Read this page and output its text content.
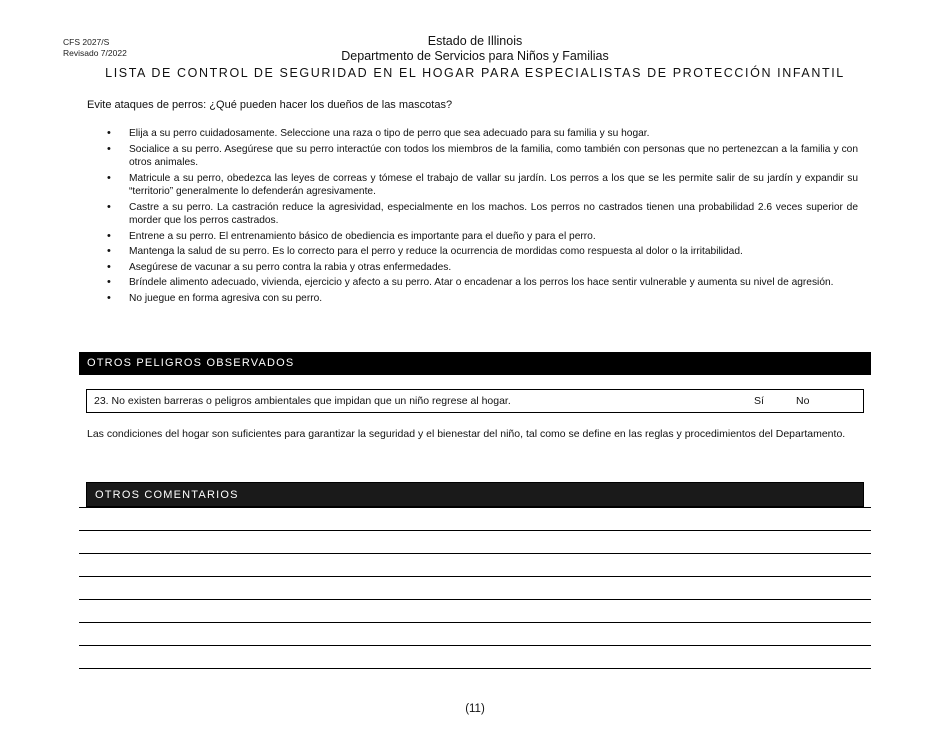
CFS 2027/S
Revisado 7/2022
Estado de Illinois
Departmento de Servicios para Niños y Familias
LISTA DE CONTROL DE SEGURIDAD EN EL HOGAR PARA ESPECIALISTAS DE PROTECCIÓN INFANTIL
Evite ataques de perros: ¿Qué pueden hacer los dueños de las mascotas?
• Elija a su perro cuidadosamente. Seleccione una raza o tipo de perro que sea adecuado para su familia y su hogar.
• Socialice a su perro. Asegúrese que su perro interactúe con todos los miembros de la familia, como también con personas que no pertenezcan a la familia y con otros animales.
• Matricule a su perro, obedezca las leyes de correas y tómese el trabajo de vallar su jardín. Los perros a los que se les permite salir de su jardín y expandir su “territorio” generalmente lo defenderán agresivamente.
• Castre a su perro. La castración reduce la agresividad, especialmente en los machos. Los perros no castrados tienen una probabilidad 2.6 veces superior de morder que los perros castrados.
• Entrene a su perro. El entrenamiento básico de obediencia es importante para el dueño y para el perro.
• Mantenga la salud de su perro. Es lo correcto para el perro y reduce la ocurrencia de mordidas como respuesta al dolor o la irritabilidad.
• Asegúrese de vacunar a su perro contra la rabia y otras enfermedades.
• Bríndele alimento adecuado, vivienda, ejercicio y afecto a su perro. Atar o encadenar a los perros los hace sentir vulnerable y aumenta su nivel de agresión.
• No juegue en forma agresiva con su perro.
OTROS PELIGROS OBSERVADOS
23. No existen barreras o peligros ambientales que impidan que un niño regrese al hogar.	Sí	No
Las condiciones del hogar son suficientes para garantizar la seguridad y el bienestar del niño, tal como se define en las reglas y procedimientos del Departamento.
OTROS COMENTARIOS
(11)
